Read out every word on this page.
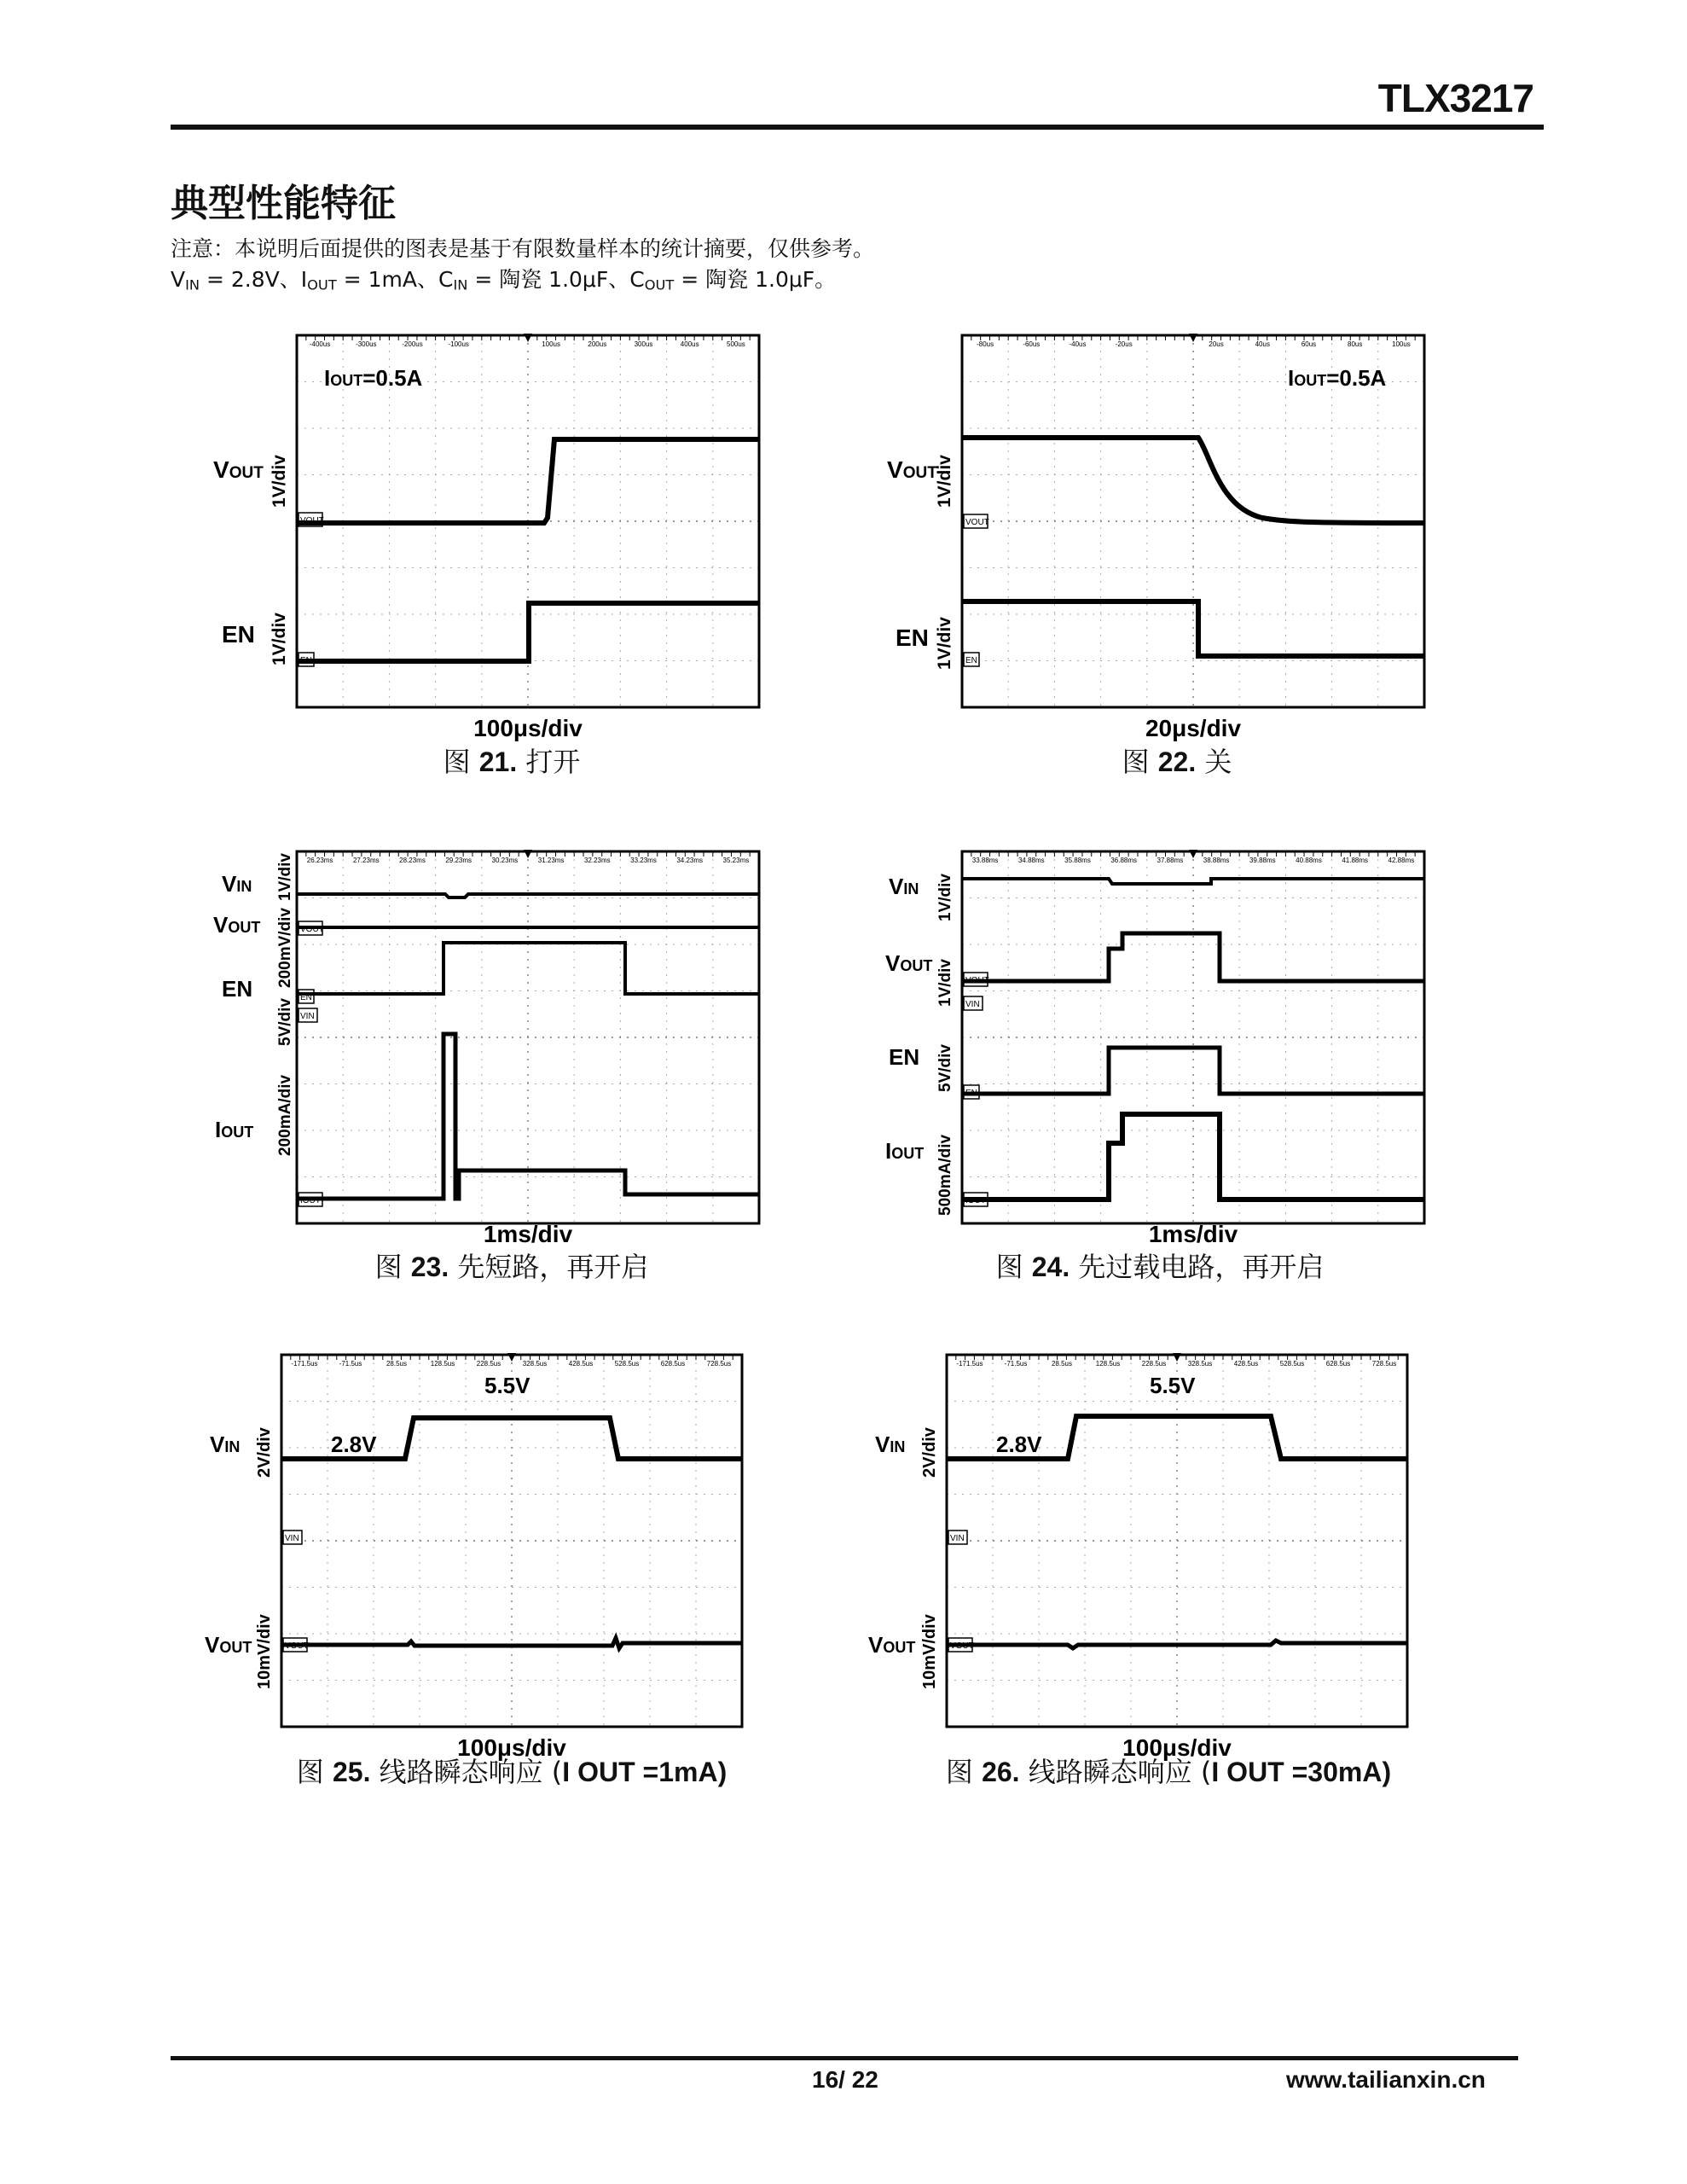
TLX3217
典型性能特征
注意：本说明后面提供的图表是基于有限数量样本的统计摘要，仅供参考。
$V_{IN} = 2.8V$、$I_{OUT} = 1mA$、$C_{IN}$ = 陶瓷 1.0μF、$C_{OUT}$ = 陶瓷 1.0μF。
-400us	-300us	-200us	-100us	100us	200us	300us	400us	500us
IOUT=0.5A
VOUT 1V/div
EN 1V/div
VOUT
EN
100μs/div
图 21. 打开
-80us	-60us	-40us	-20us	20us	40us	60us	80us	100us
IOUT=0.5A
VOUT
1V/div
EN 1V/div
VOUT
EN
20μs/div
图 22. 关
26.23ms	27.23ms	28.23ms	29.23ms	30.23ms	31.23ms	32.23ms	33.23ms	34.23ms	35.23ms
VIN
VOUT
EN
IOUT
1V/div
200mV/div
5V/div
200mA/div
VOUT
EN
VIN
IOUT
1ms/div
图 23. 先短路，再开启
33.88ms	34.88ms	35.88ms	36.88ms	37.88ms	38.88ms	39.88ms	40.88ms	41.88ms	42.88ms
VIN
VOUT
EN
IOUT
1V/div
1V/div
5V/div
500mA/div
VOUT
VIN
EN
IOUT
1ms/div
图 24. 先过载电路，再开启
-171.5us	-71.5us	28.5us	128.5us	228.5us	328.5us	428.5us	528.5us	628.5us	728.5us
VIN
VOUT
2V/div
10mV/div
2.8V
5.5V
VIN
VOUT
100μs/div
图 25. 线路瞬态响应 (I OUT =1mA)
-171.5us	-71.5us	28.5us	128.5us	228.5us	328.5us	428.5us	528.5us	628.5us	728.5us
VIN
VOUT
2V/div
10mV/div
2.8V
5.5V
VIN
VOUT
100μs/div
图 26. 线路瞬态响应 (I OUT =30mA)
16/ 22	www.tailianxin.cn
